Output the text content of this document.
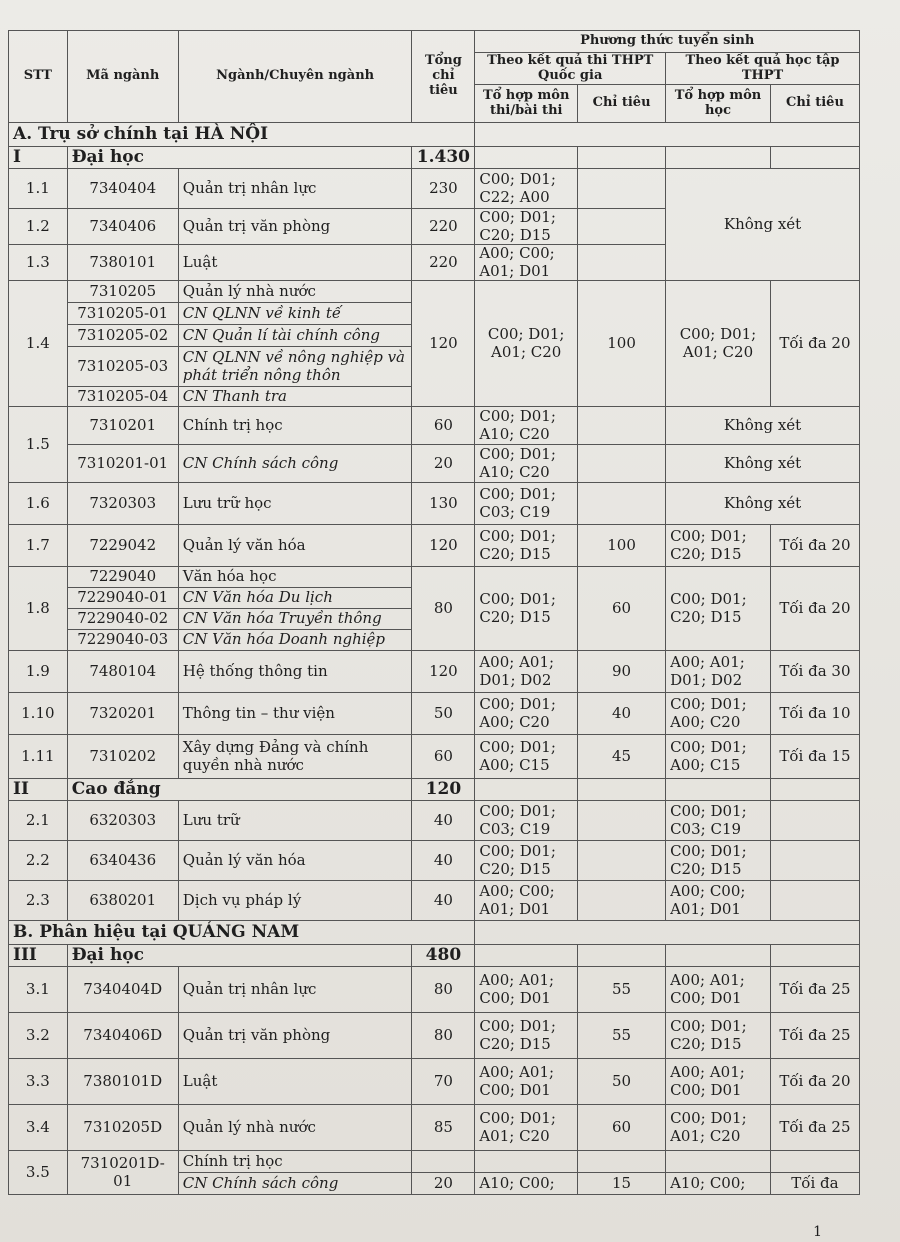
STT	Mã ngành	Ngành/Chuyên ngành	Tổng chỉ tiêu	Phương thức tuyển sinh			
				Theo kết quả thi THPT Quốc gia		Theo kết quả học tập THPT	
				Tổ hợp môn thi/bài thi	Chỉ tiêu	Tổ hợp môn học	Chỉ tiêu
A. Trụ sở chính tại HÀ NỘI							
I	Đại học		1.430				
1.1	7340404	Quản trị nhân lực	230	C00; D01; C22; A00		Không xét	
1.2	7340406	Quản trị văn phòng	220	C00; D01; C20; D15			
1.3	7380101	Luật	220	A00; C00; A01; D01			
1.4	7310205	Quản lý nhà nước	120	C00; D01; A01; C20	100	C00; D01; A01; C20	Tối đa 20
	7310205-01	CN QLNN về kinh tế					
	7310205-02	CN Quản lí tài chính công					
	7310205-03	CN QLNN về nông nghiệp và phát triển nông thôn					
	7310205-04	CN Thanh tra					
1.5	7310201	Chính trị học	60	C00; D01; A10; C20		Không xét	
	7310201-01	CN Chính sách công	20	C00; D01; A10; C20		Không xét	
1.6	7320303	Lưu trữ học	130	C00; D01; C03; C19		Không xét	
1.7	7229042	Quản lý văn hóa	120	C00; D01; C20; D15	100	C00; D01; C20; D15	Tối đa 20
1.8	7229040	Văn hóa học	80	C00; D01; C20; D15	60	C00; D01; C20; D15	Tối đa 20
	7229040-01	CN Văn hóa Du lịch					
	7229040-02	CN Văn hóa Truyền thông					
	7229040-03	CN Văn hóa Doanh nghiệp					
1.9	7480104	Hệ thống thông tin	120	A00; A01; D01; D02	90	A00; A01; D01; D02	Tối đa 30
1.10	7320201	Thông tin – thư viện	50	C00; D01; A00; C20	40	C00; D01; A00; C20	Tối đa 10
1.11	7310202	Xây dựng Đảng và chính quyền nhà nước	60	C00; D01; A00; C15	45	C00; D01; A00; C15	Tối đa 15
II	Cao đẳng		120				
2.1	6320303	Lưu trữ	40	C00; D01; C03; C19		C00; D01; C03; C19	
2.2	6340436	Quản lý văn hóa	40	C00; D01; C20; D15		C00; D01; C20; D15	
2.3	6380201	Dịch vụ pháp lý	40	A00; C00; A01; D01		A00; C00; A01; D01	
B. Phân hiệu tại QUẢNG NAM							
III	Đại học		480				
3.1	7340404D	Quản trị nhân lực	80	A00; A01; C00; D01	55	A00; A01; C00; D01	Tối đa 25
3.2	7340406D	Quản trị văn phòng	80	C00; D01; C20; D15	55	C00; D01; C20; D15	Tối đa 25
3.3	7380101D	Luật	70	A00; A01; C00; D01	50	A00; A01; C00; D01	Tối đa 20
3.4	7310205D	Quản lý nhà nước	85	C00; D01; A01; C20	60	C00; D01; A01; C20	Tối đa 25
3.5	7310201D-01	Chính trị học					
		CN Chính sách công	20	A10; C00;	15	A10; C00;	Tối đa
1
